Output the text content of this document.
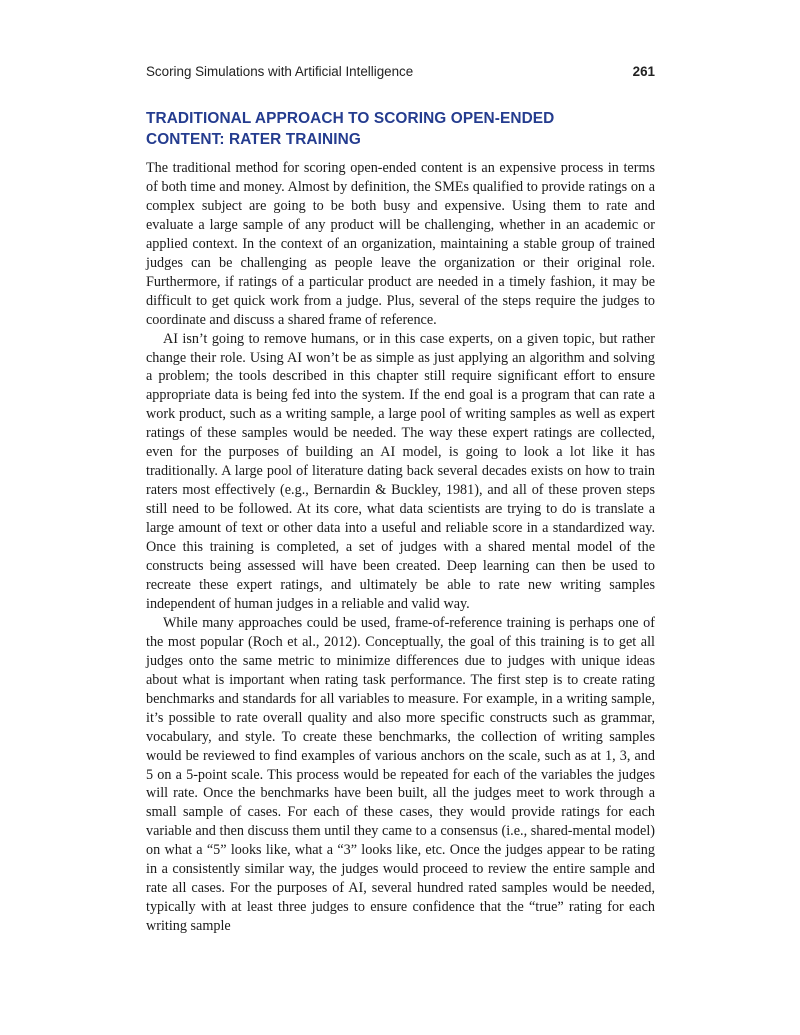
Scoring Simulations with Artificial Intelligence	261
TRADITIONAL APPROACH TO SCORING OPEN-ENDED
CONTENT: RATER TRAINING

The traditional method for scoring open-ended content is an expensive process in terms of both time and money. Almost by definition, the SMEs qualified to provide ratings on a complex subject are going to be both busy and expensive. Using them to rate and evaluate a large sample of any product will be challenging, whether in an academic or applied context. In the context of an organization, maintaining a stable group of trained judges can be challenging as people leave the organization or their original role. Furthermore, if ratings of a particular product are needed in a timely fashion, it may be difficult to get quick work from a judge. Plus, several of the steps require the judges to coordinate and discuss a shared frame of reference.

AI isn’t going to remove humans, or in this case experts, on a given topic, but rather change their role. Using AI won’t be as simple as just applying an algorithm and solving a problem; the tools described in this chapter still require significant effort to ensure appropriate data is being fed into the system. If the end goal is a program that can rate a work product, such as a writing sample, a large pool of writing samples as well as expert ratings of these samples would be needed. The way these expert ratings are collected, even for the purposes of building an AI model, is going to look a lot like it has traditionally. A large pool of literature dating back several decades exists on how to train raters most effectively (e.g., Bernardin & Buckley, 1981), and all of these proven steps still need to be followed. At its core, what data scientists are trying to do is translate a large amount of text or other data into a useful and reliable score in a standardized way. Once this training is completed, a set of judges with a shared mental model of the constructs being assessed will have been created. Deep learning can then be used to recreate these expert ratings, and ultimately be able to rate new writing samples independent of human judges in a reliable and valid way.

While many approaches could be used, frame-of-reference training is perhaps one of the most popular (Roch et al., 2012). Conceptually, the goal of this training is to get all judges onto the same metric to minimize differences due to judges with unique ideas about what is important when rating task performance. The first step is to create rating benchmarks and standards for all variables to measure. For example, in a writing sample, it’s possible to rate overall quality and also more specific constructs such as grammar, vocabulary, and style. To create these benchmarks, the collection of writing samples would be reviewed to find examples of various anchors on the scale, such as at 1, 3, and 5 on a 5-point scale. This process would be repeated for each of the variables the judges will rate. Once the benchmarks have been built, all the judges meet to work through a small sample of cases. For each of these cases, they would provide ratings for each variable and then discuss them until they came to a consensus (i.e., shared-mental model) on what a “5” looks like, what a “3” looks like, etc. Once the judges appear to be rating in a consistently similar way, the judges would proceed to review the entire sample and rate all cases. For the purposes of AI, several hundred rated samples would be needed, typically with at least three judges to ensure confidence that the “true” rating for each writing sample
